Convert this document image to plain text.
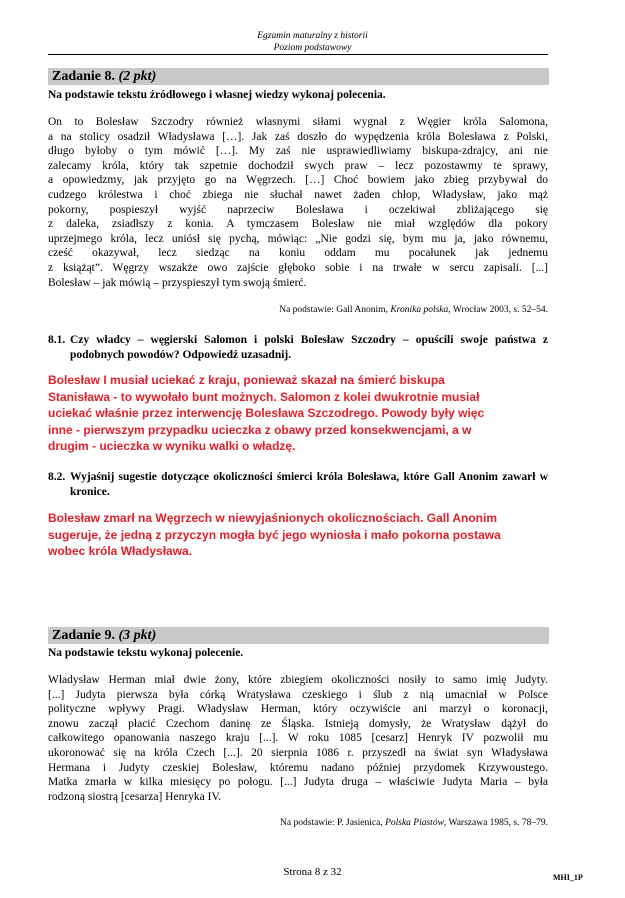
Egzamin maturalny z historii
Poziom podstawowy
Zadanie 8. (2 pkt)
Na podstawie tekstu źródłowego i własnej wiedzy wykonaj polecenia.
On to Bolesław Szczodry również własnymi siłami wygnał z Węgier króla Salomona,
a na stolicy osadził Władysława […]. Jak zaś doszło do wypędzenia króla Bolesława z Polski,
długo byłoby o tym mówić […]. My zaś nie usprawiedliwiamy biskupa-zdrajcy, ani nie
zalecamy króla, który tak szpetnie dochodził swych praw – lecz pozostawmy te sprawy,
a opowiedzmy, jak przyjęto go na Węgrzech. […] Choć bowiem jako zbieg przybywał do
cudzego królestwa i choć zbiega nie słuchał nawet żaden chłop, Władysław, jako mąż
pokorny, pospieszył wyjść naprzeciw Bolesława i oczekiwał zbliżającego się
z daleka, zsiadłszy z konia. A tymczasem Bolesław nie miał względów dla pokory
uprzejmego króla, lecz uniósł się pychą, mówiąc: „Nie godzi się, bym mu ja, jako równemu,
cześć okazywał, lecz siedząc na koniu oddam mu pocałunek jak jednemu
z książąt”. Węgrzy wszakże owo zajście głęboko sobie i na trwałe w sercu zapisali. [...]
Bolesław – jak mówią – przyspieszył tym swoją śmierć.
Na podstawie: Gall Anonim, Kronika polska, Wrocław 2003, s. 52–54.
8.1. Czy władcy – węgierski Salomon i polski Bolesław Szczodry – opuścili swoje państwa z podobnych powodów? Odpowiedź uzasadnij.
Bolesław I musiał uciekać z kraju, ponieważ skazał na śmierć biskupa
Stanisława - to wywołało bunt możnych. Salomon z kolei dwukrotnie musiał
uciekać właśnie przez interwencję Bolesława Szczodrego. Powody były więc
inne - pierwszym przypadku ucieczka z obawy przed konsekwencjami, a w
drugim - ucieczka w wyniku walki o władzę.
8.2. Wyjaśnij sugestie dotyczące okoliczności śmierci króla Bolesława, które Gall Anonim zawarł w kronice.
Bolesław zmarł na Węgrzech w niewyjaśnionych okolicznościach. Gall Anonim
sugeruje, że jedną z przyczyn mogła być jego wyniosła i mało pokorna postawa
wobec króla Władysława.
Zadanie 9. (3 pkt)
Na podstawie tekstu wykonaj polecenie.
Władysław Herman miał dwie żony, które zbiegiem okoliczności nosiły to samo imię Judyty.
[...] Judyta pierwsza była córką Wratysława czeskiego i ślub z nią umacniał w Polsce
polityczne wpływy Pragi. Władysław Herman, który oczywiście ani marzył o koronacji,
znowu zaczął płacić Czechom daninę ze Śląska. Istnieją domysły, że Wratysław dążył do
całkowitego opanowania naszego kraju [...]. W roku 1085 [cesarz] Henryk IV pozwolił mu
ukoronować się na króla Czech [...]. 20 sierpnia 1086 r. przyszedł na świat syn Władysława
Hermana i Judyty czeskiej Bolesław, któremu nadano później przydomek Krzywoustego.
Matka zmarła w kilka miesięcy po połogu. [...] Judyta druga – właściwie Judyta Maria – była
rodzoną siostrą [cesarza] Henryka IV.
Na podstawie: P. Jasienica, Polska Piastów, Warszawa 1985, s. 78–79.
Strona 8 z 32	MHI_1P
